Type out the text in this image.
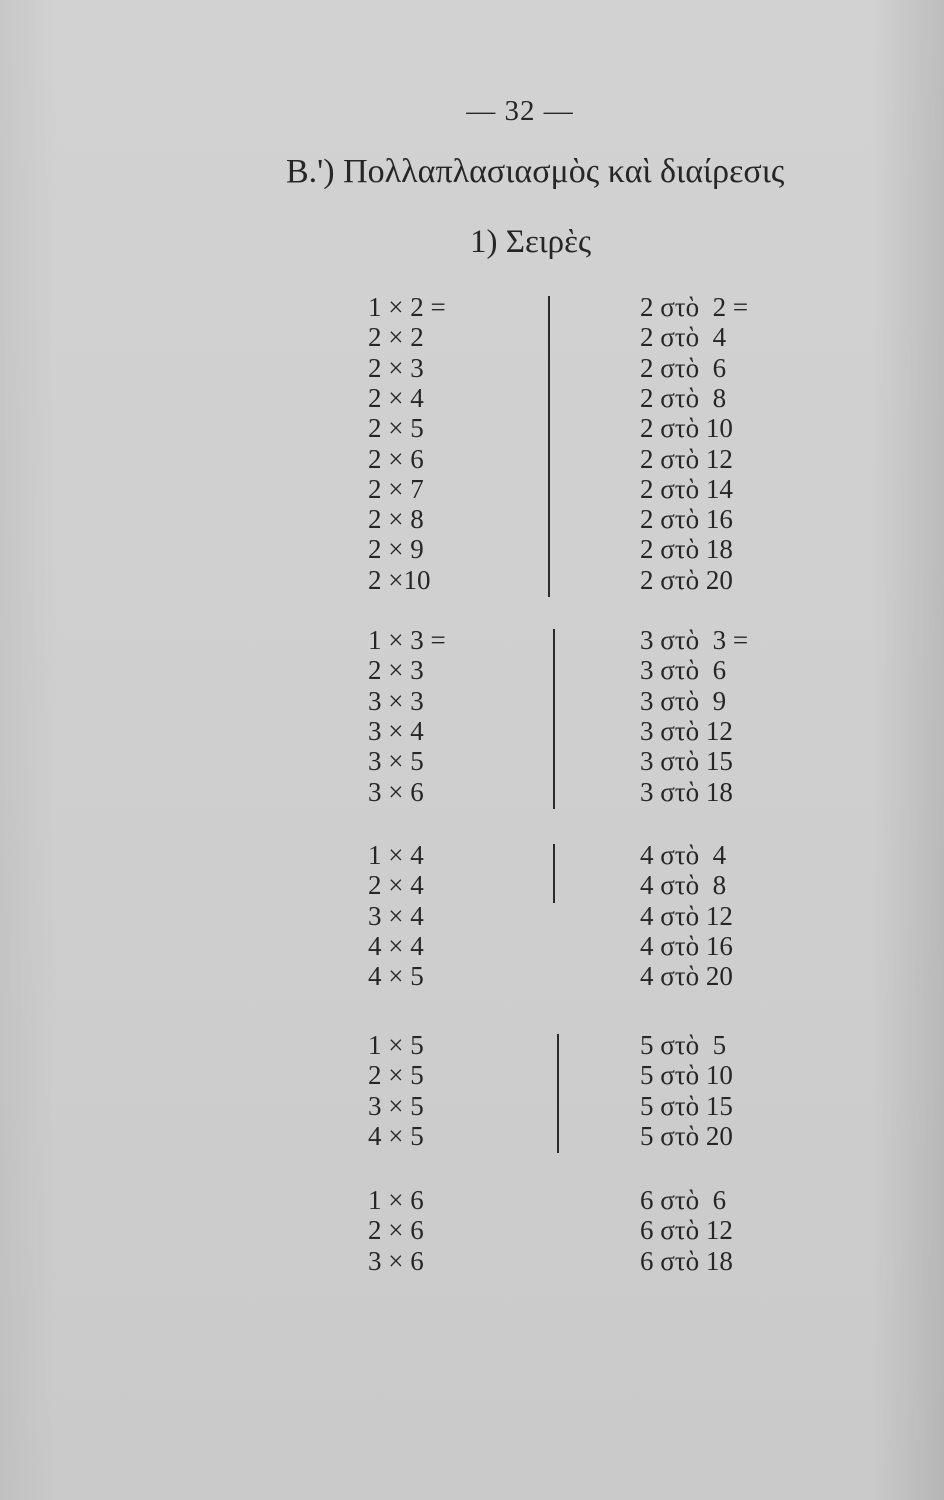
— 32 —
Β.') Πολλαπλασιασμὸς καὶ διαίρεσις
1) Σειρὲς
1 × 2 =
2 × 2
2 × 3
2 × 4
2 × 5
2 × 6
2 × 7
2 × 8
2 × 9
2 ×10
2 στὸ  2 =
2 στὸ  4
2 στὸ  6
2 στὸ  8
2 στὸ 10
2 στὸ 12
2 στὸ 14
2 στὸ 16
2 στὸ 18
2 στὸ 20
1 × 3 =
2 × 3
3 × 3
3 × 4
3 × 5
3 × 6
3 στὸ  3 =
3 στὸ  6
3 στὸ  9
3 στὸ 12
3 στὸ 15
3 στὸ 18
1 × 4
2 × 4
3 × 4
4 × 4
4 × 5
4 στὸ  4
4 στὸ  8
4 στὸ 12
4 στὸ 16
4 στὸ 20
1 × 5
2 × 5
3 × 5
4 × 5
5 στὸ  5
5 στὸ 10
5 στὸ 15
5 στὸ 20
1 × 6
2 × 6
3 × 6
6 στὸ  6
6 στὸ 12
6 στὸ 18
